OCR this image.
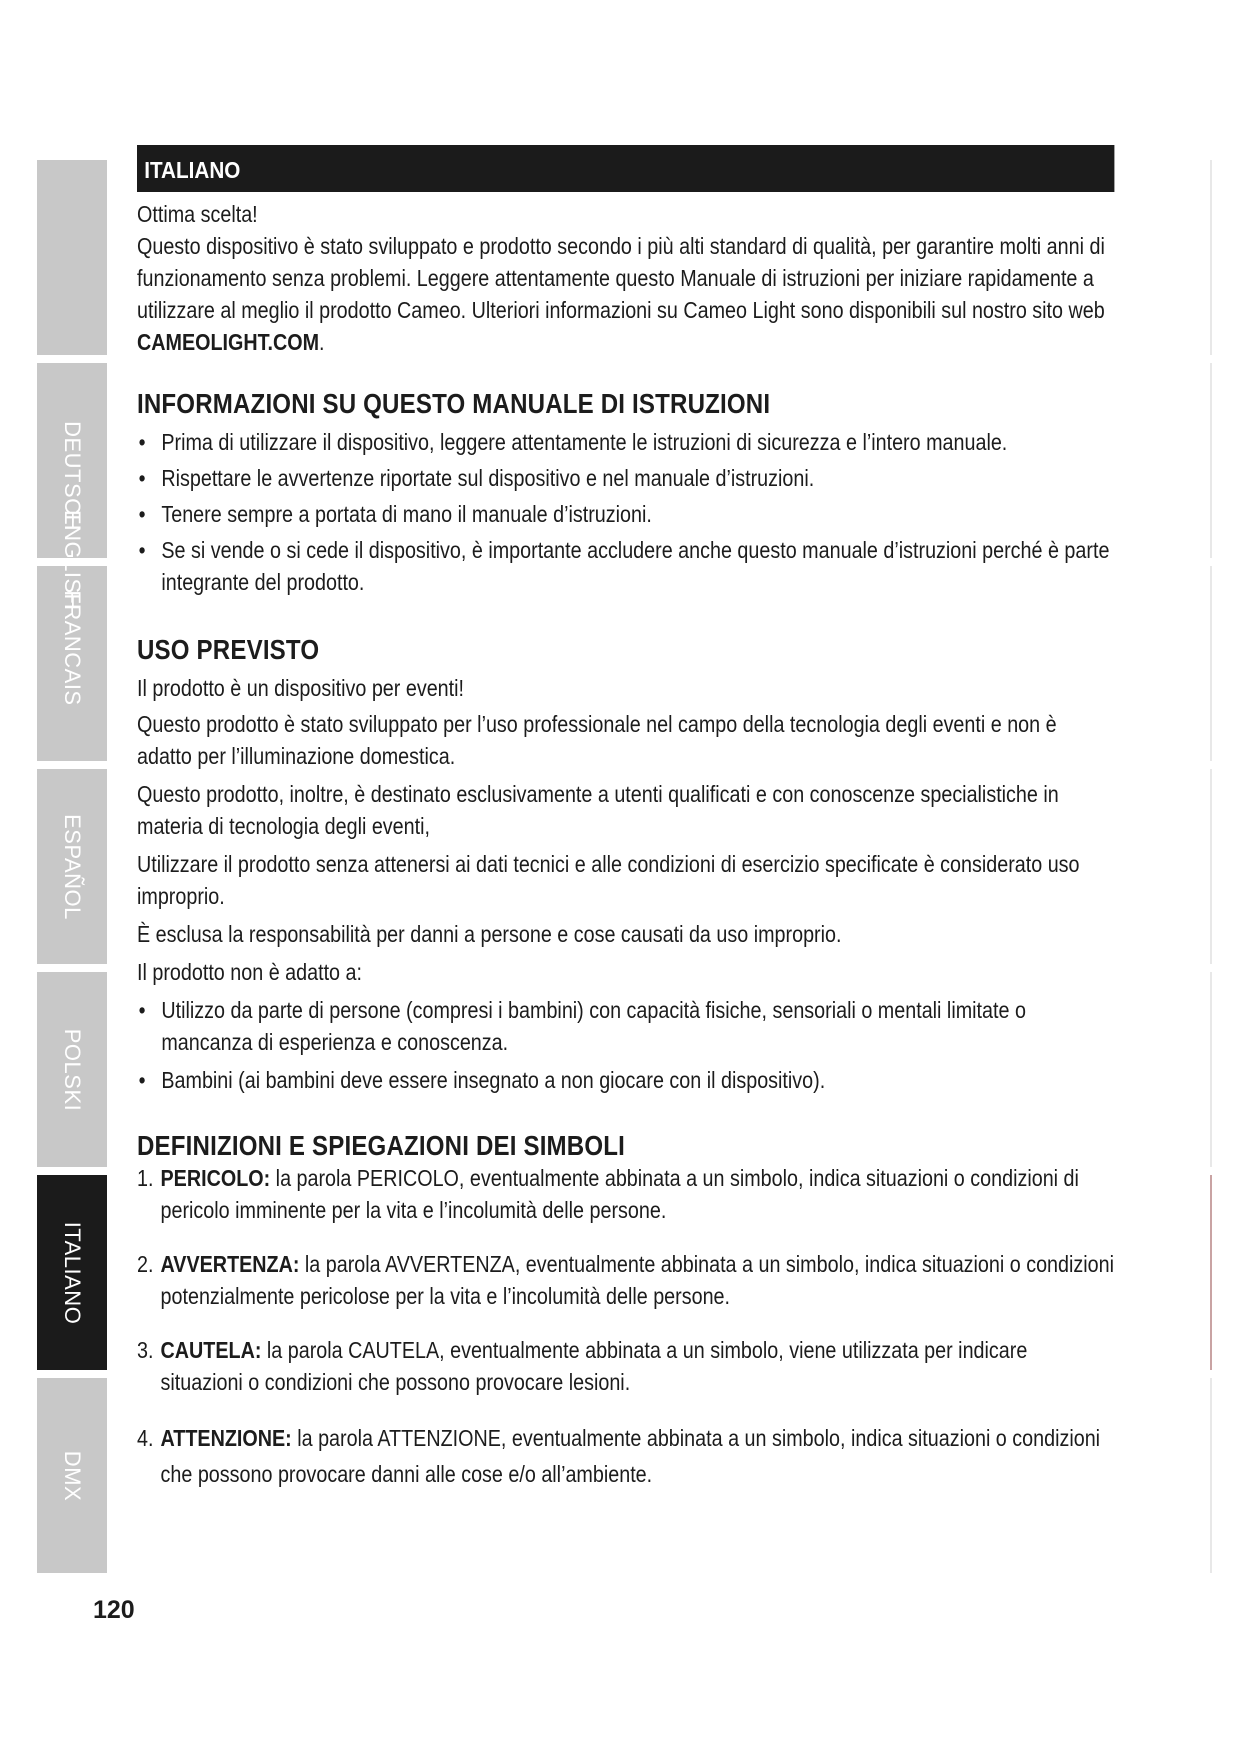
DEUTSCH
ENGLISH
FRANCAIS
ESPAÑOL
POLSKI
ITALIANO
DMX
120
ITALIANO
Ottima scelta!
Questo dispositivo è stato sviluppato e prodotto secondo i più alti standard di qualità, per garantire molti anni di funzionamento senza problemi. Leggere attentamente questo Manuale di istruzioni per iniziare rapidamente a utilizzare al meglio il prodotto Cameo. Ulteriori informazioni su Cameo Light sono disponibili sul nostro sito web CAMEOLIGHT.COM.
INFORMAZIONI SU QUESTO MANUALE DI ISTRUZIONI
• Prima di utilizzare il dispositivo, leggere attentamente le istruzioni di sicurezza e l’intero manuale.
• Rispettare le avvertenze riportate sul dispositivo e nel manuale d’istruzioni.
• Tenere sempre a portata di mano il manuale d’istruzioni.
• Se si vende o si cede il dispositivo, è importante accludere anche questo manuale d’istruzioni perché è parte integrante del prodotto.
USO PREVISTO
Il prodotto è un dispositivo per eventi!
Questo prodotto è stato sviluppato per l’uso professionale nel campo della tecnologia degli eventi e non è adatto per l’illuminazione domestica.
Questo prodotto, inoltre, è destinato esclusivamente a utenti qualificati e con conoscenze specialistiche in materia di tecnologia degli eventi,
Utilizzare il prodotto senza attenersi ai dati tecnici e alle condizioni di esercizio specificate è considerato uso improprio.
È esclusa la responsabilità per danni a persone e cose causati da uso improprio.
Il prodotto non è adatto a:
• Utilizzo da parte di persone (compresi i bambini) con capacità fisiche, sensoriali o mentali limitate o mancanza di esperienza e conoscenza.
• Bambini (ai bambini deve essere insegnato a non giocare con il dispositivo).
DEFINIZIONI E SPIEGAZIONI DEI SIMBOLI
1. PERICOLO: la parola PERICOLO, eventualmente abbinata a un simbolo, indica situazioni o condizioni di pericolo imminente per la vita e l’incolumità delle persone.
2. AVVERTENZA: la parola AVVERTENZA, eventualmente abbinata a un simbolo, indica situazioni o condizioni potenzialmente pericolose per la vita e l’incolumità delle persone.
3. CAUTELA: la parola CAUTELA, eventualmente abbinata a un simbolo, viene utilizzata per indicare situazioni o condizioni che possono provocare lesioni.
4. ATTENZIONE: la parola ATTENZIONE, eventualmente abbinata a un simbolo, indica situazioni o condizioni che possono provocare danni alle cose e/o all’ambiente.
